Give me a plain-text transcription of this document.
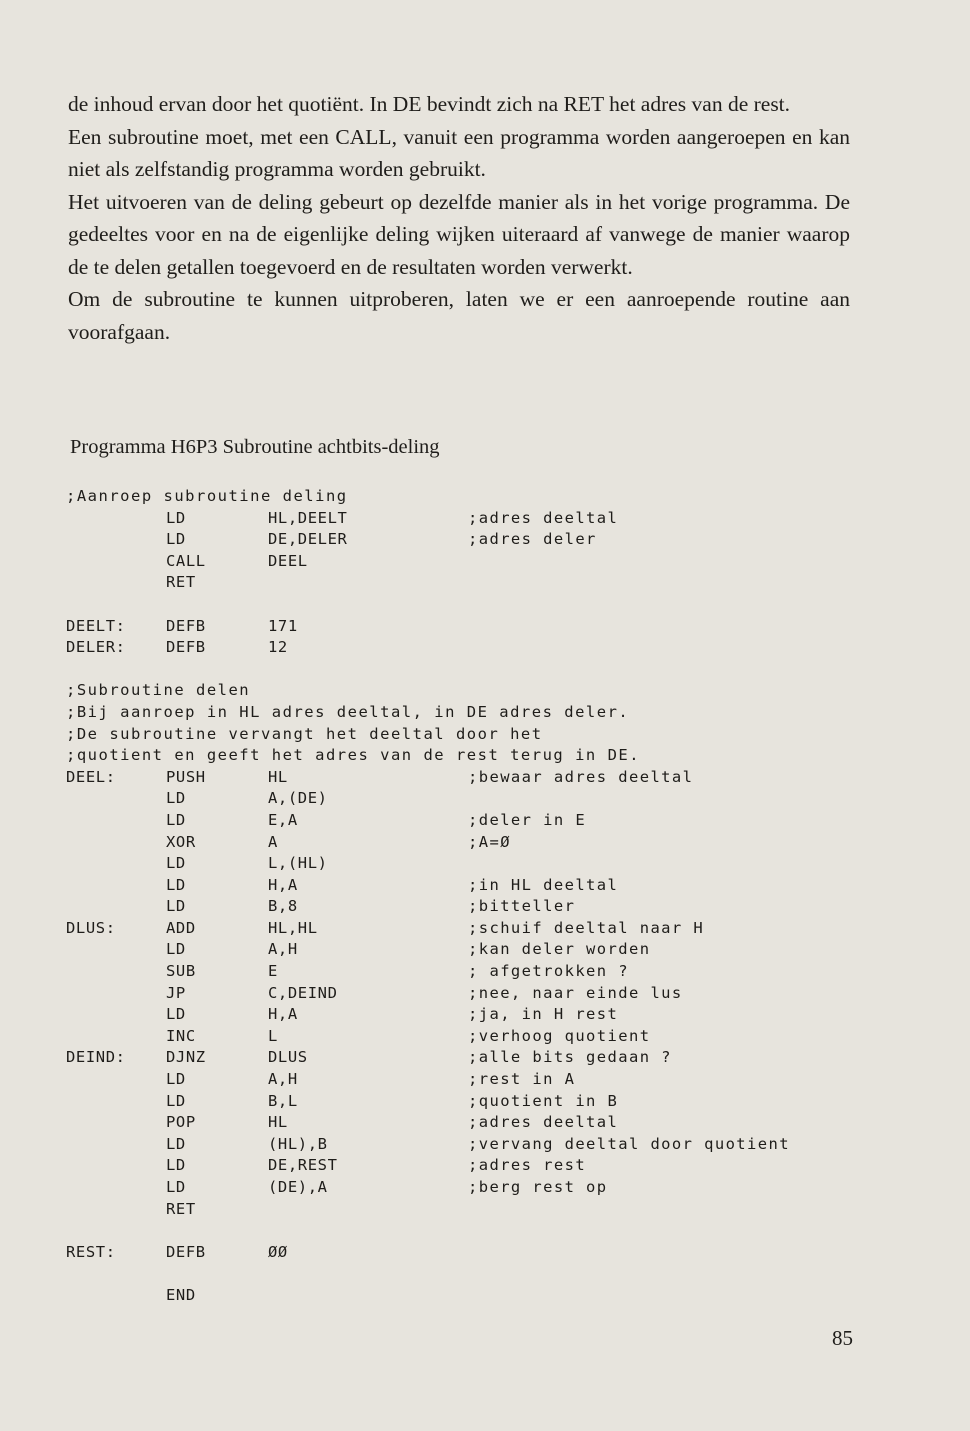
de inhoud ervan door het quotiënt. In DE bevindt zich na RET het adres van de rest.

Een subroutine moet, met een CALL, vanuit een programma worden aangeroepen en kan niet als zelfstandig programma worden gebruikt.

Het uitvoeren van de deling gebeurt op dezelfde manier als in het vorige programma. De gedeeltes voor en na de eigenlijke deling wijken uiteraard af vanwege de manier waarop de te delen getallen toegevoerd en de resultaten worden verwerkt.

Om de subroutine te kunnen uitproberen, laten we er een aanroepende routine aan voorafgaan.

Programma H6P3 Subroutine achtbits-deling
;Aanroep subroutine deling
LD	HL,DEELT	;adres deeltal
LD	DE,DELER	;adres deler
CALL	DEEL
RET
DEELT:	DEFB	171
DELER:	DEFB	12
;Subroutine delen
;Bij aanroep in HL adres deeltal, in DE adres deler.
;De subroutine vervangt het deeltal door het
;quotient en geeft het adres van de rest terug in DE.
DEEL:	PUSH	HL	;bewaar adres deeltal
LD	A,(DE)
LD	E,A	;deler in E
XOR	A	;A=Ø
LD	L,(HL)
LD	H,A	;in HL deeltal
LD	B,8	;bitteller
DLUS:	ADD	HL,HL	;schuif deeltal naar H
LD	A,H	;kan deler worden
SUB	E	; afgetrokken ?
JP	C,DEIND	;nee, naar einde lus
LD	H,A	;ja, in H rest
INC	L	;verhoog quotient
DEIND:	DJNZ	DLUS	;alle bits gedaan ?
LD	A,H	;rest in A
LD	B,L	;quotient in B
POP	HL	;adres deeltal
LD	(HL),B	;vervang deeltal door quotient
LD	DE,REST	;adres rest
LD	(DE),A	;berg rest op
RET
REST:	DEFB	ØØ
END
85
